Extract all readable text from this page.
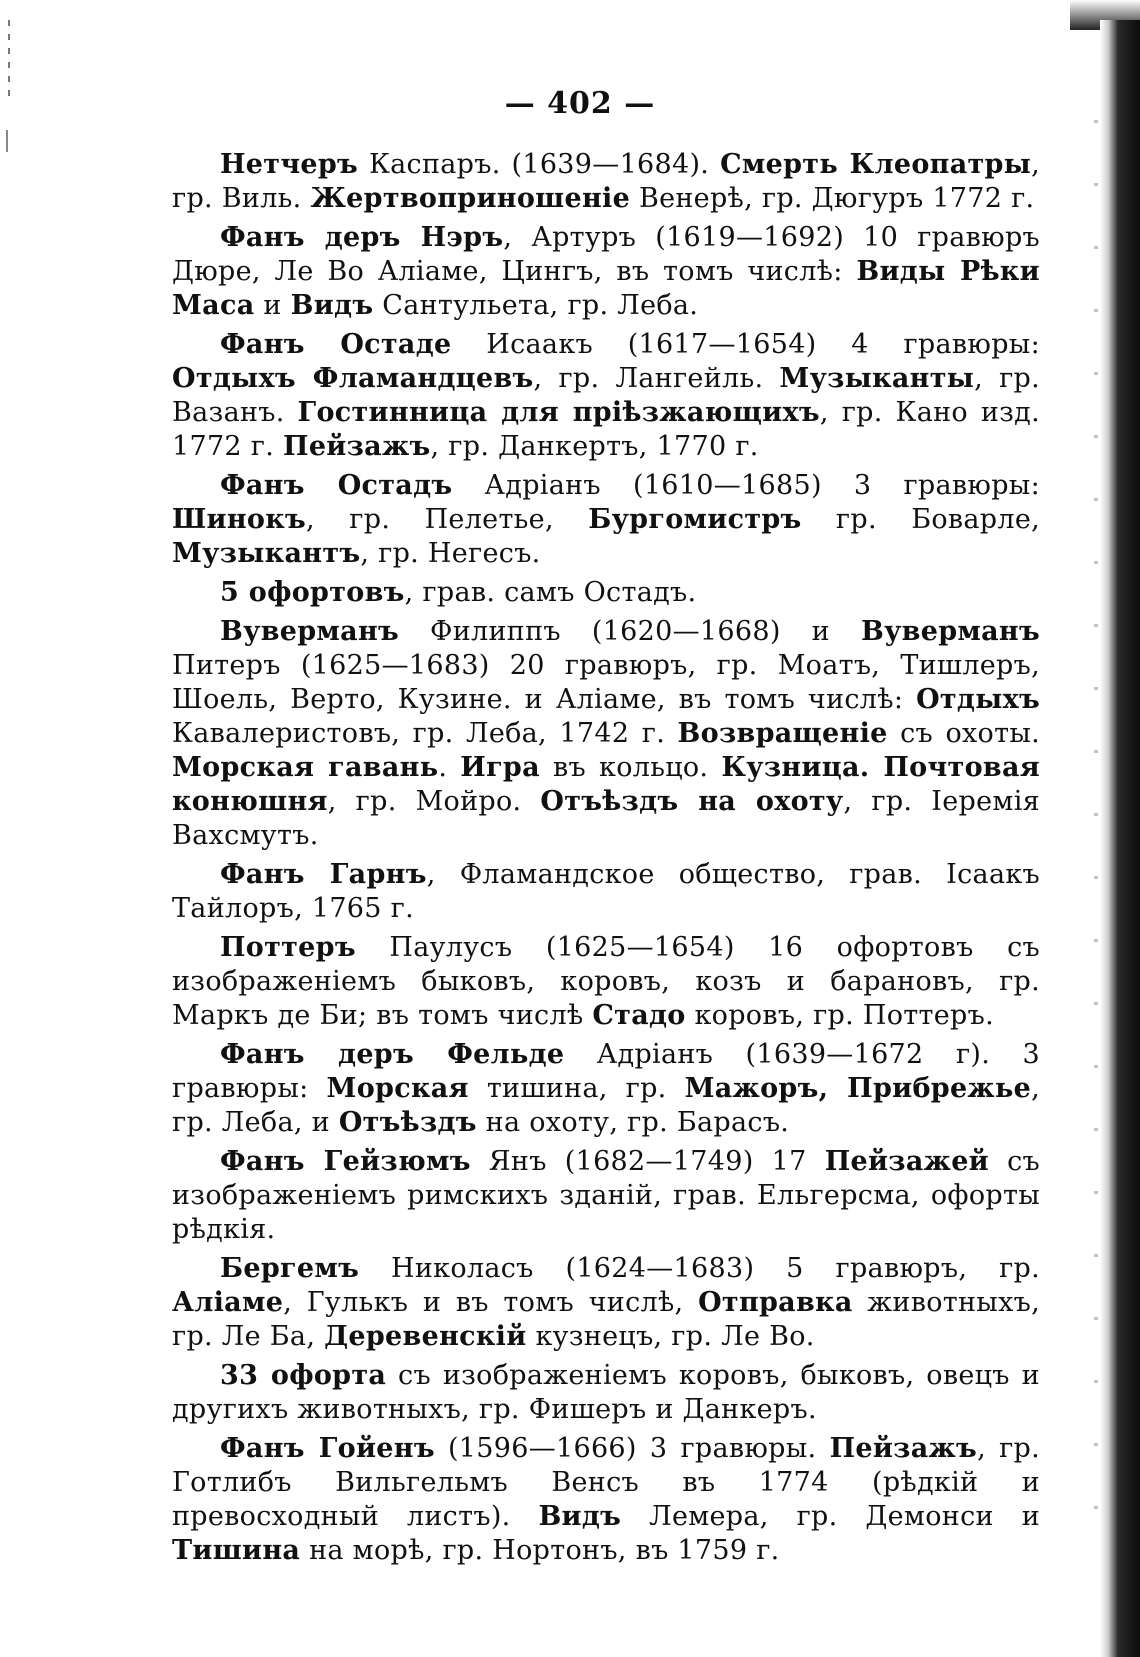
— 402 —

Нетчеръ Каспаръ. (1639—1684). Смерть Клеопатры, гр. Виль. Жертвоприношеніе Венерѣ, гр. Дюгуръ 1772 г.

Фанъ деръ Нэръ, Артуръ (1619—1692) 10 гравюръ Дюре, Ле Во Аліаме, Цингъ, въ томъ числѣ: Виды Рѣки Маса и Видъ Сантульета, гр. Леба.

Фанъ Остаде Исаакъ (1617—1654) 4 гравюры: Отдыхъ Фламандцевъ, гр. Лангейль. Музыканты, гр. Вазанъ. Гостинница для пріѣзжающихъ, гр. Кано изд. 1772 г. Пейзажъ, гр. Данкертъ, 1770 г.

Фанъ Остадъ Адріанъ (1610—1685) 3 гравюры: Шинокъ, гр. Пелетье, Бургомистръ гр. Боварле, Музыкантъ, гр. Негесъ.

5 офортовъ, грав. самъ Остадъ.

Вуверманъ Филиппъ (1620—1668) и Вуверманъ Питеръ (1625—1683) 20 гравюръ, гр. Моатъ, Тишлеръ, Шоель, Верто, Кузине. и Аліаме, въ томъ числѣ: Отдыхъ Кавалеристовъ, гр. Леба, 1742 г. Возвращеніе съ охоты. Морская гавань. Игра въ кольцо. Кузница. Почтовая конюшня, гр. Мойро. Отъѣздъ на охоту, гр. Іеремія Вахсмутъ.

Фанъ Гарнъ, Фламандское общество, грав. Ісаакъ Тайлоръ, 1765 г.

Поттеръ Паулусъ (1625—1654) 16 офортовъ съ изображеніемъ быковъ, коровъ, козъ и барановъ, гр. Маркъ де Би; въ томъ числѣ Стадо коровъ, гр. Поттеръ.

Фанъ деръ Фельде Адріанъ (1639—1672 г). 3 гравюры: Морская тишина, гр. Мажоръ, Прибрежье, гр. Леба, и Отъѣздъ на охоту, гр. Барасъ.

Фанъ Гейзюмъ Янъ (1682—1749) 17 Пейзажей съ изображеніемъ римскихъ зданій, грав. Ельгерсма, офорты рѣдкія.

Бергемъ Николасъ (1624—1683) 5 гравюръ, гр. Аліаме, Гулькъ и въ томъ числѣ, Отправка животныхъ, гр. Ле Ба, Деревенскій кузнецъ, гр. Ле Во.

33 офорта съ изображеніемъ коровъ, быковъ, овецъ и другихъ животныхъ, гр. Фишеръ и Данкеръ.

Фанъ Гойенъ (1596—1666) 3 гравюры. Пейзажъ, гр. Готлибъ Вильгельмъ Венсъ въ 1774 (рѣдкій и превосходный листъ). Видъ Лемера, гр. Демонси и Тишина на морѣ, гр. Нортонъ, въ 1759 г.
